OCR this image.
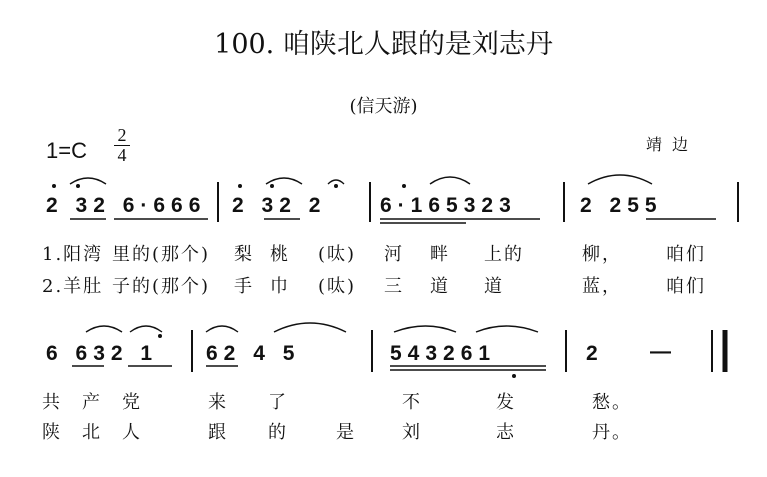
100. 咱陕北人跟的是刘志丹
(信天游)
1=C
2
4
靖边
2 32 6·666 2 32 2	6·165323	2 255
1.阳湾 里的(那个) 梨 桃 (呔) 河 畔 上的	柳， 咱们
2.羊肚 子的(那个) 手 巾 (呔) 三 道 道	蓝， 咱们
6 632 1 62 4 5	543261	2 —
共 产 党	来 了	不	发	愁。
陕 北 人	跟 的	是	刘	志	丹。
